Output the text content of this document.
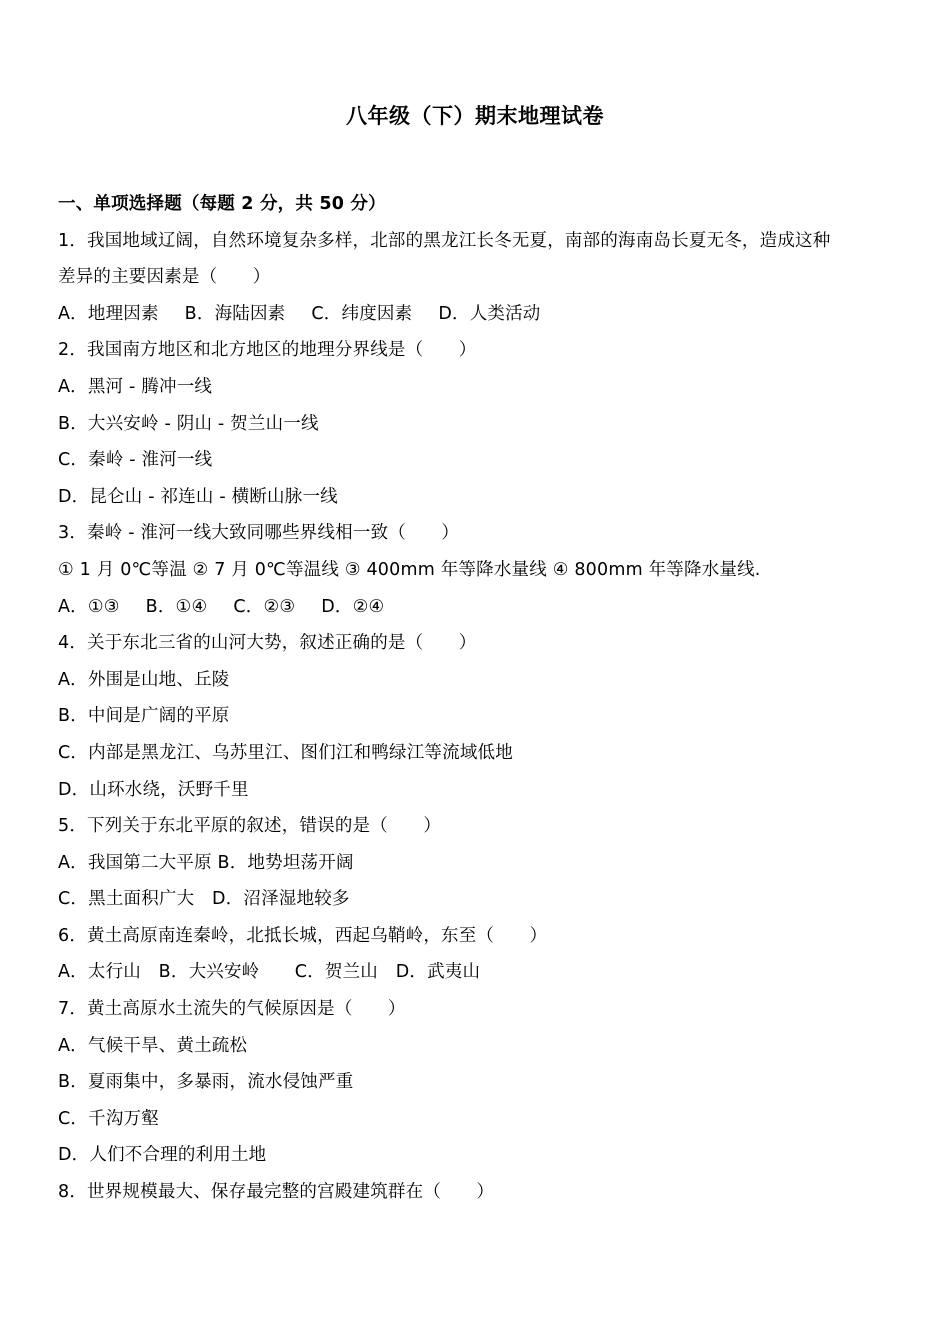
八年级（下）期末地理试卷
一、单项选择题（每题 2 分，共 50 分）
1．我国地域辽阔，自然环境复杂多样，北部的黑龙江长冬无夏，南部的海南岛长夏无冬，造成这种
差异的主要因素是（　　）
A．地理因素 B．海陆因素 C．纬度因素 D．人类活动
2．我国南方地区和北方地区的地理分界线是（　　）
A．黑河 - 腾冲一线
B．大兴安岭 - 阴山 - 贺兰山一线
C．秦岭 - 淮河一线
D．昆仑山 - 祁连山 - 横断山脉一线
3．秦岭 - 淮河一线大致同哪些界线相一致（　　）
① 1 月 0℃等温 ② 7 月 0℃等温线 ③ 400mm 年等降水量线 ④ 800mm 年等降水量线.
A．①③ B．①④ C．②③ D．②④
4．关于东北三省的山河大势，叙述正确的是（　　）
A．外围是山地、丘陵
B．中间是广阔的平原
C．内部是黑龙江、乌苏里江、图们江和鸭绿江等流域低地
D．山环水绕，沃野千里
5．下列关于东北平原的叙述，错误的是（　　）
A．我国第二大平原 B．地势坦荡开阔
C．黑土面积广大　D．沼泽湿地较多
6．黄土高原南连秦岭，北抵长城，西起乌鞘岭，东至（　　）
A．太行山　B．大兴安岭　　C．贺兰山　D．武夷山
7．黄土高原水土流失的气候原因是（　　）
A．气候干旱、黄土疏松
B．夏雨集中，多暴雨，流水侵蚀严重
C．千沟万壑
D．人们不合理的利用土地
8．世界规模最大、保存最完整的宫殿建筑群在（　　）
